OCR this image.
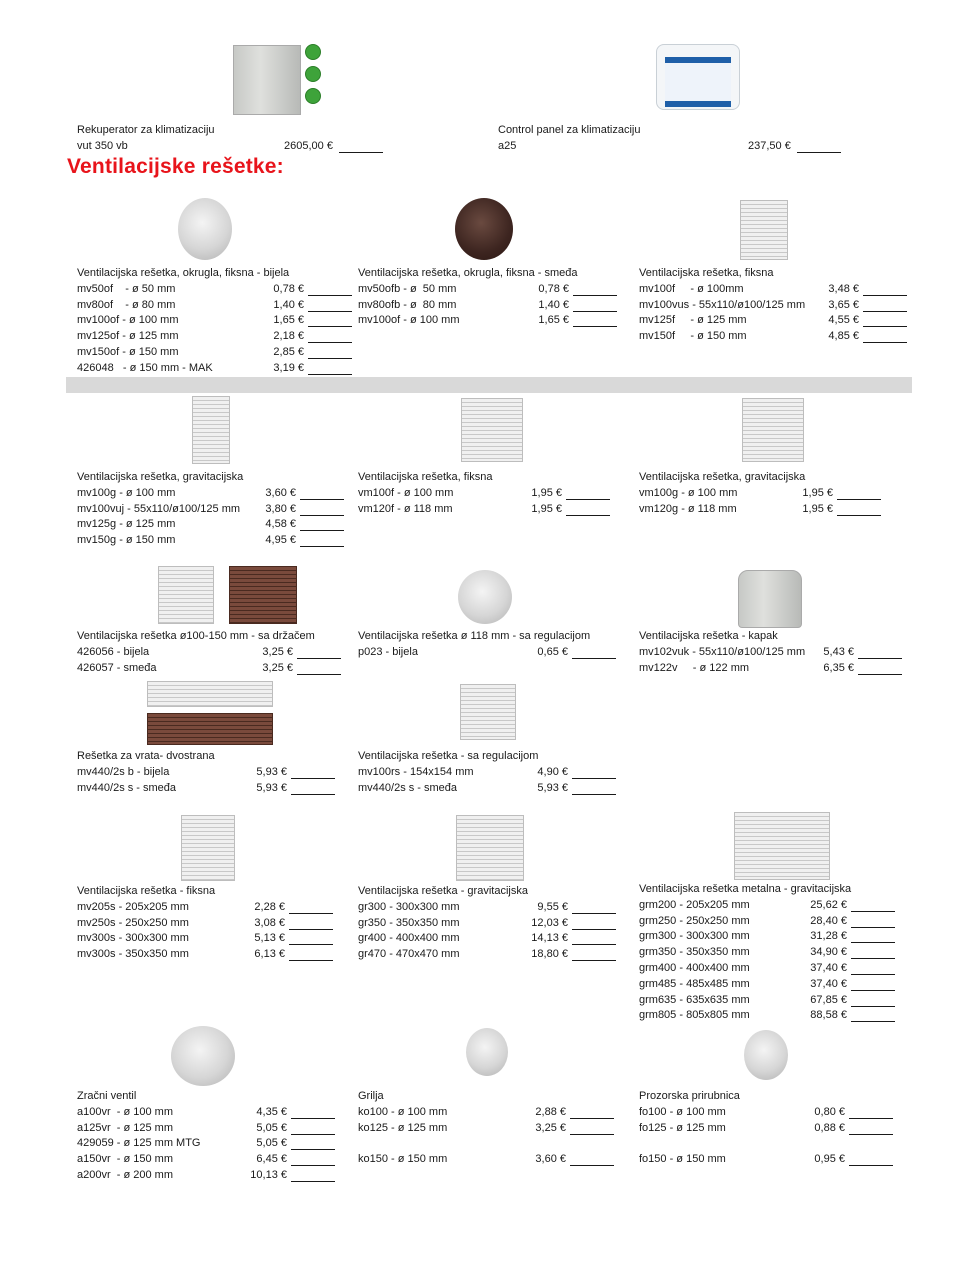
Rekuperator za klimatizaciju
vut 350 vb	2605,00 €
Control panel za klimatizaciju
a25	237,50 €
Ventilacijske rešetke:
Ventilacijska rešetka, okrugla, fiksna - bijela
mv50of    - ø 50 mm	0,78 €
mv80of    - ø 80 mm	1,40 €
mv100of - ø 100 mm	1,65 €
mv125of - ø 125 mm	2,18 €
mv150of - ø 150 mm	2,85 €
426048   - ø 150 mm - MAK	3,19 €
Ventilacijska rešetka, okrugla, fiksna - smeđa
mv50ofb - ø  50 mm	0,78 €
mv80ofb - ø  80 mm	1,40 €
mv100of - ø 100 mm	1,65 €
Ventilacijska rešetka, fiksna
mv100f     - ø 100mm	3,48 €
mv100vus - 55x110/ø100/125 mm 3,65 €
mv125f     - ø 125 mm	4,55 €
mv150f     - ø 150 mm	4,85 €
Ventilacijska rešetka, gravitacijska
mv100g - ø 100 mm	3,60 €
mv100vuj - 55x110/ø100/125 mm 3,80 €
mv125g - ø 125 mm	4,58 €
mv150g - ø 150 mm	4,95 €
Ventilacijska rešetka, fiksna
vm100f - ø 100 mm	1,95 €
vm120f - ø 118 mm	1,95 €
Ventilacijska rešetka, gravitacijska
vm100g - ø 100 mm	1,95 €
vm120g - ø 118 mm	1,95 €
Ventilacijska rešetka ø100-150 mm - sa držačem
426056 - bijela	3,25 €
426057 - smeđa	3,25 €
Ventilacijska rešetka ø 118 mm - sa regulacijom
p023 - bijela	0,65 €
Ventilacijska rešetka - kapak
mv102vuk - 55x110/ø100/125 mm 5,43 €
mv122v     - ø 122 mm	6,35 €
Rešetka za vrata- dvostrana
mv440/2s b - bijela	5,93 €
mv440/2s s - smeđa	5,93 €
Ventilacijska rešetka - sa regulacijom
mv100rs - 154x154 mm	4,90 €
mv440/2s s - smeđa	5,93 €
Ventilacijska rešetka - fiksna
mv205s - 205x205 mm	2,28 €
mv250s - 250x250 mm	3,08 €
mv300s - 300x300 mm	5,13 €
mv300s - 350x350 mm	6,13 €
Ventilacijska rešetka - gravitacijska
gr300 - 300x300 mm	9,55 €
gr350 - 350x350 mm	12,03 €
gr400 - 400x400 mm	14,13 €
gr470 - 470x470 mm	18,80 €
Ventilacijska rešetka metalna - gravitacijska
grm200 - 205x205 mm	25,62 €
grm250 - 250x250 mm	28,40 €
grm300 - 300x300 mm	31,28 €
grm350 - 350x350 mm	34,90 €
grm400 - 400x400 mm	37,40 €
grm485 - 485x485 mm	37,40 €
grm635 - 635x635 mm	67,85 €
grm805 - 805x805 mm	88,58 €
Zračni ventil
a100vr  - ø 100 mm	4,35 €
a125vr  - ø 125 mm	5,05 €
429059 - ø 125 mm MTG	5,05 €
a150vr  - ø 150 mm	6,45 €
a200vr  - ø 200 mm	10,13 €
Grilja
ko100 - ø 100 mm	2,88 €
ko125 - ø 125 mm	3,25 €
ko150 - ø 150 mm	3,60 €
Prozorska prirubnica
fo100 - ø 100 mm	0,80 €
fo125 - ø 125 mm	0,88 €
fo150 - ø 150 mm	0,95 €
